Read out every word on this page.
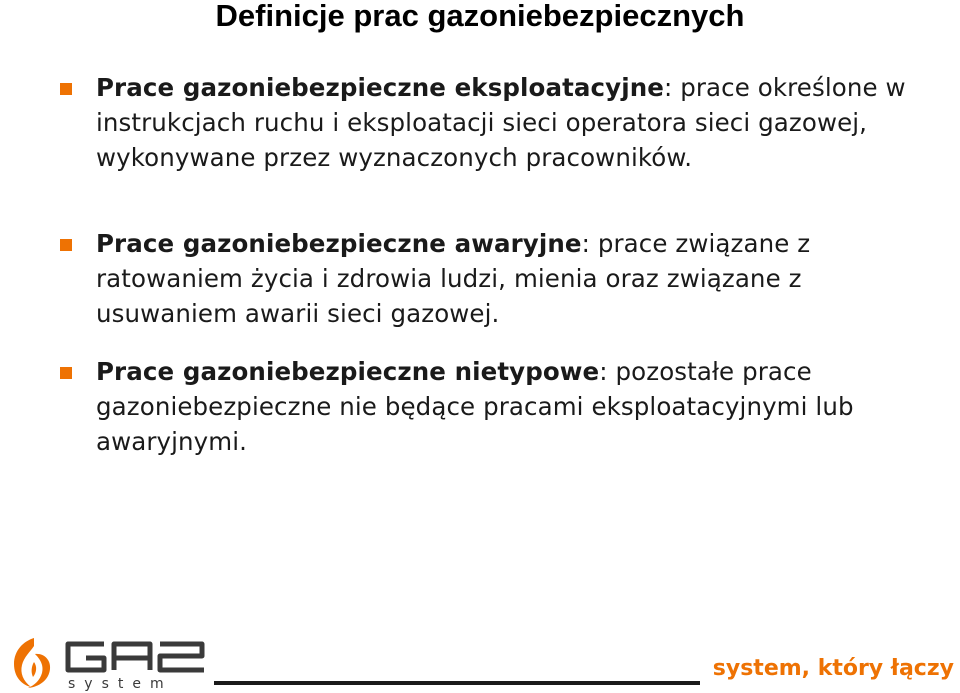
Definicje prac gazoniebezpiecznych
Prace gazoniebezpieczne eksploatacyjne: prace określone w instrukcjach ruchu i eksploatacji sieci operatora sieci gazowej, wykonywane przez wyznaczonych pracowników.
Prace gazoniebezpieczne awaryjne: prace związane z ratowaniem życia i zdrowia ludzi, mienia oraz związane z usuwaniem awarii sieci gazowej.
Prace gazoniebezpieczne nietypowe: pozostałe prace gazoniebezpieczne nie będące pracami eksploatacyjnymi lub awaryjnymi.
system
system, który łączy
